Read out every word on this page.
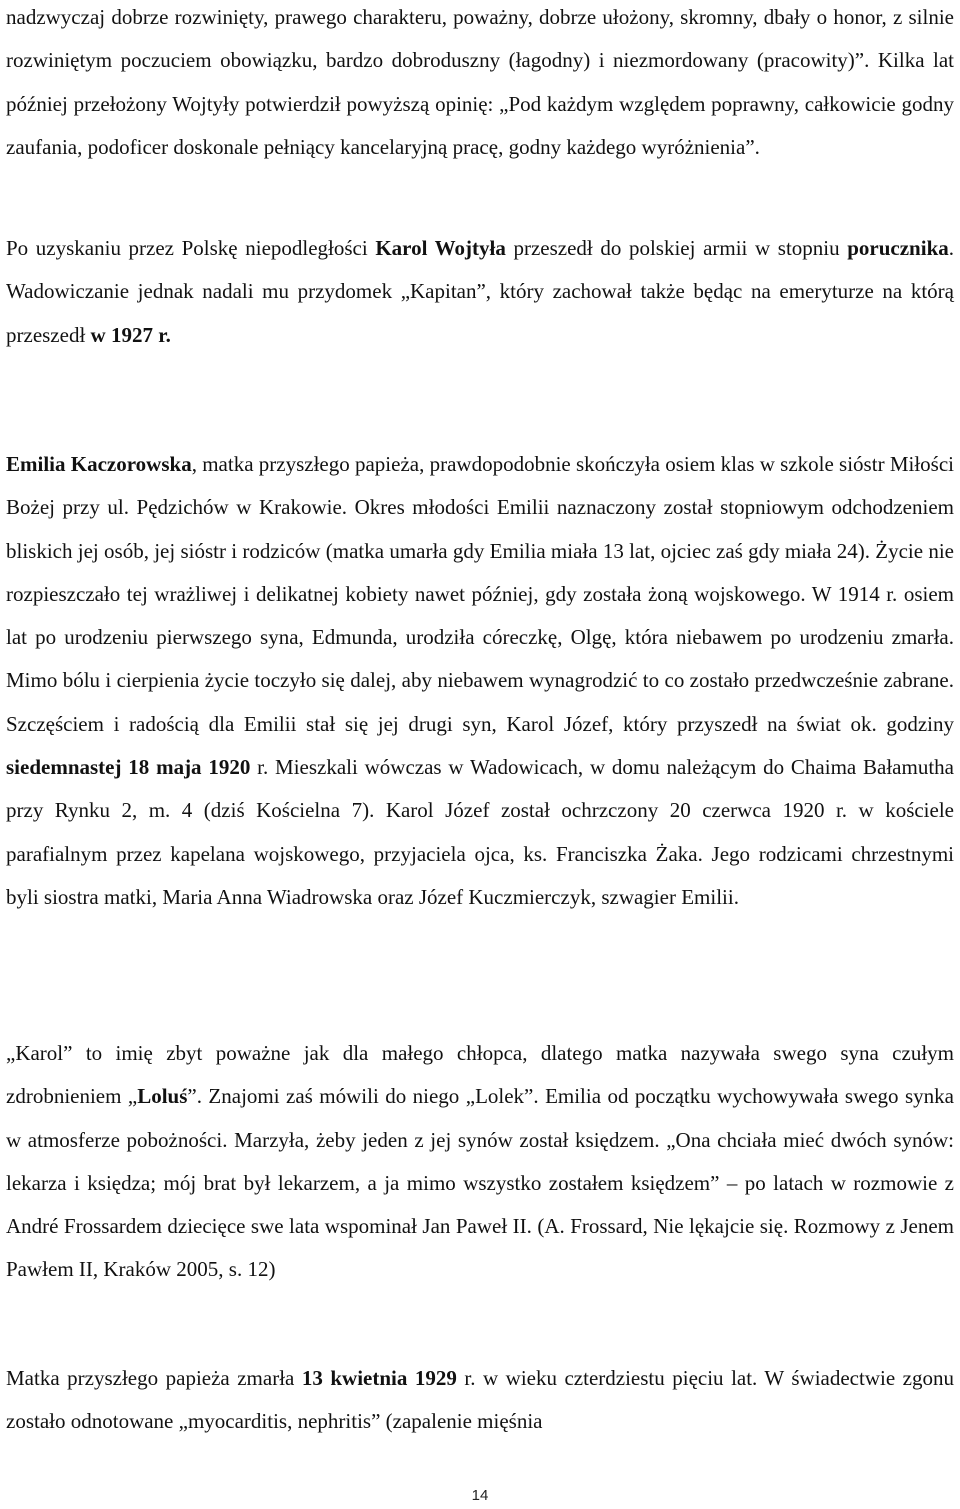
nadzwyczaj dobrze rozwinięty, prawego charakteru, poważny, dobrze ułożony, skromny, dbały o honor, z silnie rozwiniętym poczuciem obowiązku, bardzo dobroduszny (łagodny) i niezmordowany (pracowity)”. Kilka lat później przełożony Wojtyły potwierdził powyższą opinię: „Pod każdym względem poprawny, całkowicie godny zaufania, podoficer doskonale pełniący kancelaryjną pracę, godny każdego wyróżnienia”.

Po uzyskaniu przez Polskę niepodległości Karol Wojtyła przeszedł do polskiej armii w stopniu porucznika. Wadowiczanie jednak nadali mu przydomek „Kapitan”, który zachował także będąc na emeryturze na którą przeszedł w 1927 r.

Emilia Kaczorowska, matka przyszłego papieża, prawdopodobnie skończyła osiem klas w szkole sióstr Miłości Bożej przy ul. Pędzichów w Krakowie. Okres młodości Emilii naznaczony został stopniowym odchodzeniem bliskich jej osób, jej sióstr i rodziców (matka umarła gdy Emilia miała 13 lat, ojciec zaś gdy miała 24). Życie nie rozpieszczało tej wrażliwej i delikatnej kobiety nawet później, gdy została żoną wojskowego. W 1914 r. osiem lat po urodzeniu pierwszego syna, Edmunda, urodziła córeczkę, Olgę, która niebawem po urodzeniu zmarła. Mimo bólu i cierpienia życie toczyło się dalej, aby niebawem wynagrodzić to co zostało przedwcześnie zabrane. Szczęściem i radością dla Emilii stał się jej drugi syn, Karol Józef, który przyszedł na świat ok. godziny siedemnastej 18 maja 1920 r. Mieszkali wówczas w Wadowicach, w domu należącym do Chaima Bałamutha przy Rynku 2, m. 4 (dziś Kościelna 7). Karol Józef został ochrzczony 20 czerwca 1920 r. w kościele parafialnym przez kapelana wojskowego, przyjaciela ojca, ks. Franciszka Żaka. Jego rodzicami chrzestnymi byli siostra matki, Maria Anna Wiadrowska oraz Józef Kuczmierczyk, szwagier Emilii.

„Karol” to imię zbyt poważne jak dla małego chłopca, dlatego matka nazywała swego syna czułym zdrobnieniem „Loluś”. Znajomi zaś mówili do niego „Lolek”. Emilia od początku wychowywała swego synka w atmosferze pobożności. Marzyła, żeby jeden z jej synów został księdzem. „Ona chciała mieć dwóch synów: lekarza i księdza; mój brat był lekarzem, a ja mimo wszystko zostałem księdzem” – po latach w rozmowie z André Frossardem dziecięce swe lata wspominał Jan Paweł II. (A. Frossard, Nie lękajcie się. Rozmowy z Jenem Pawłem II, Kraków 2005, s. 12)

Matka przyszłego papieża zmarła 13 kwietnia 1929 r. w wieku czterdziestu pięciu lat. W świadectwie zgonu zostało odnotowane „myocarditis, nephritis” (zapalenie mięśnia

14
